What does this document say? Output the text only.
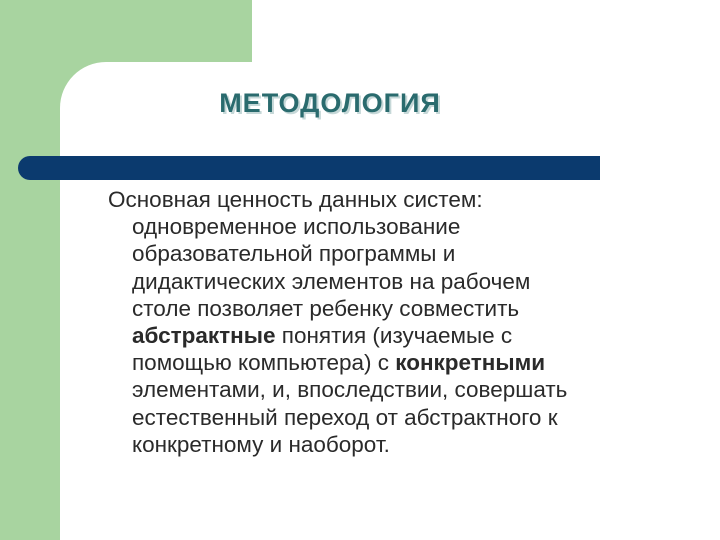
МЕТОДОЛОГИЯ
Основная ценность данных систем:
одновременное использование
образовательной программы и
дидактических элементов на рабочем
столе позволяет ребенку совместить
абстрактные понятия (изучаемые с
помощью компьютера) с конкретными
элементами, и, впоследствии, совершать
естественный переход от абстрактного к
конкретному и наоборот.
